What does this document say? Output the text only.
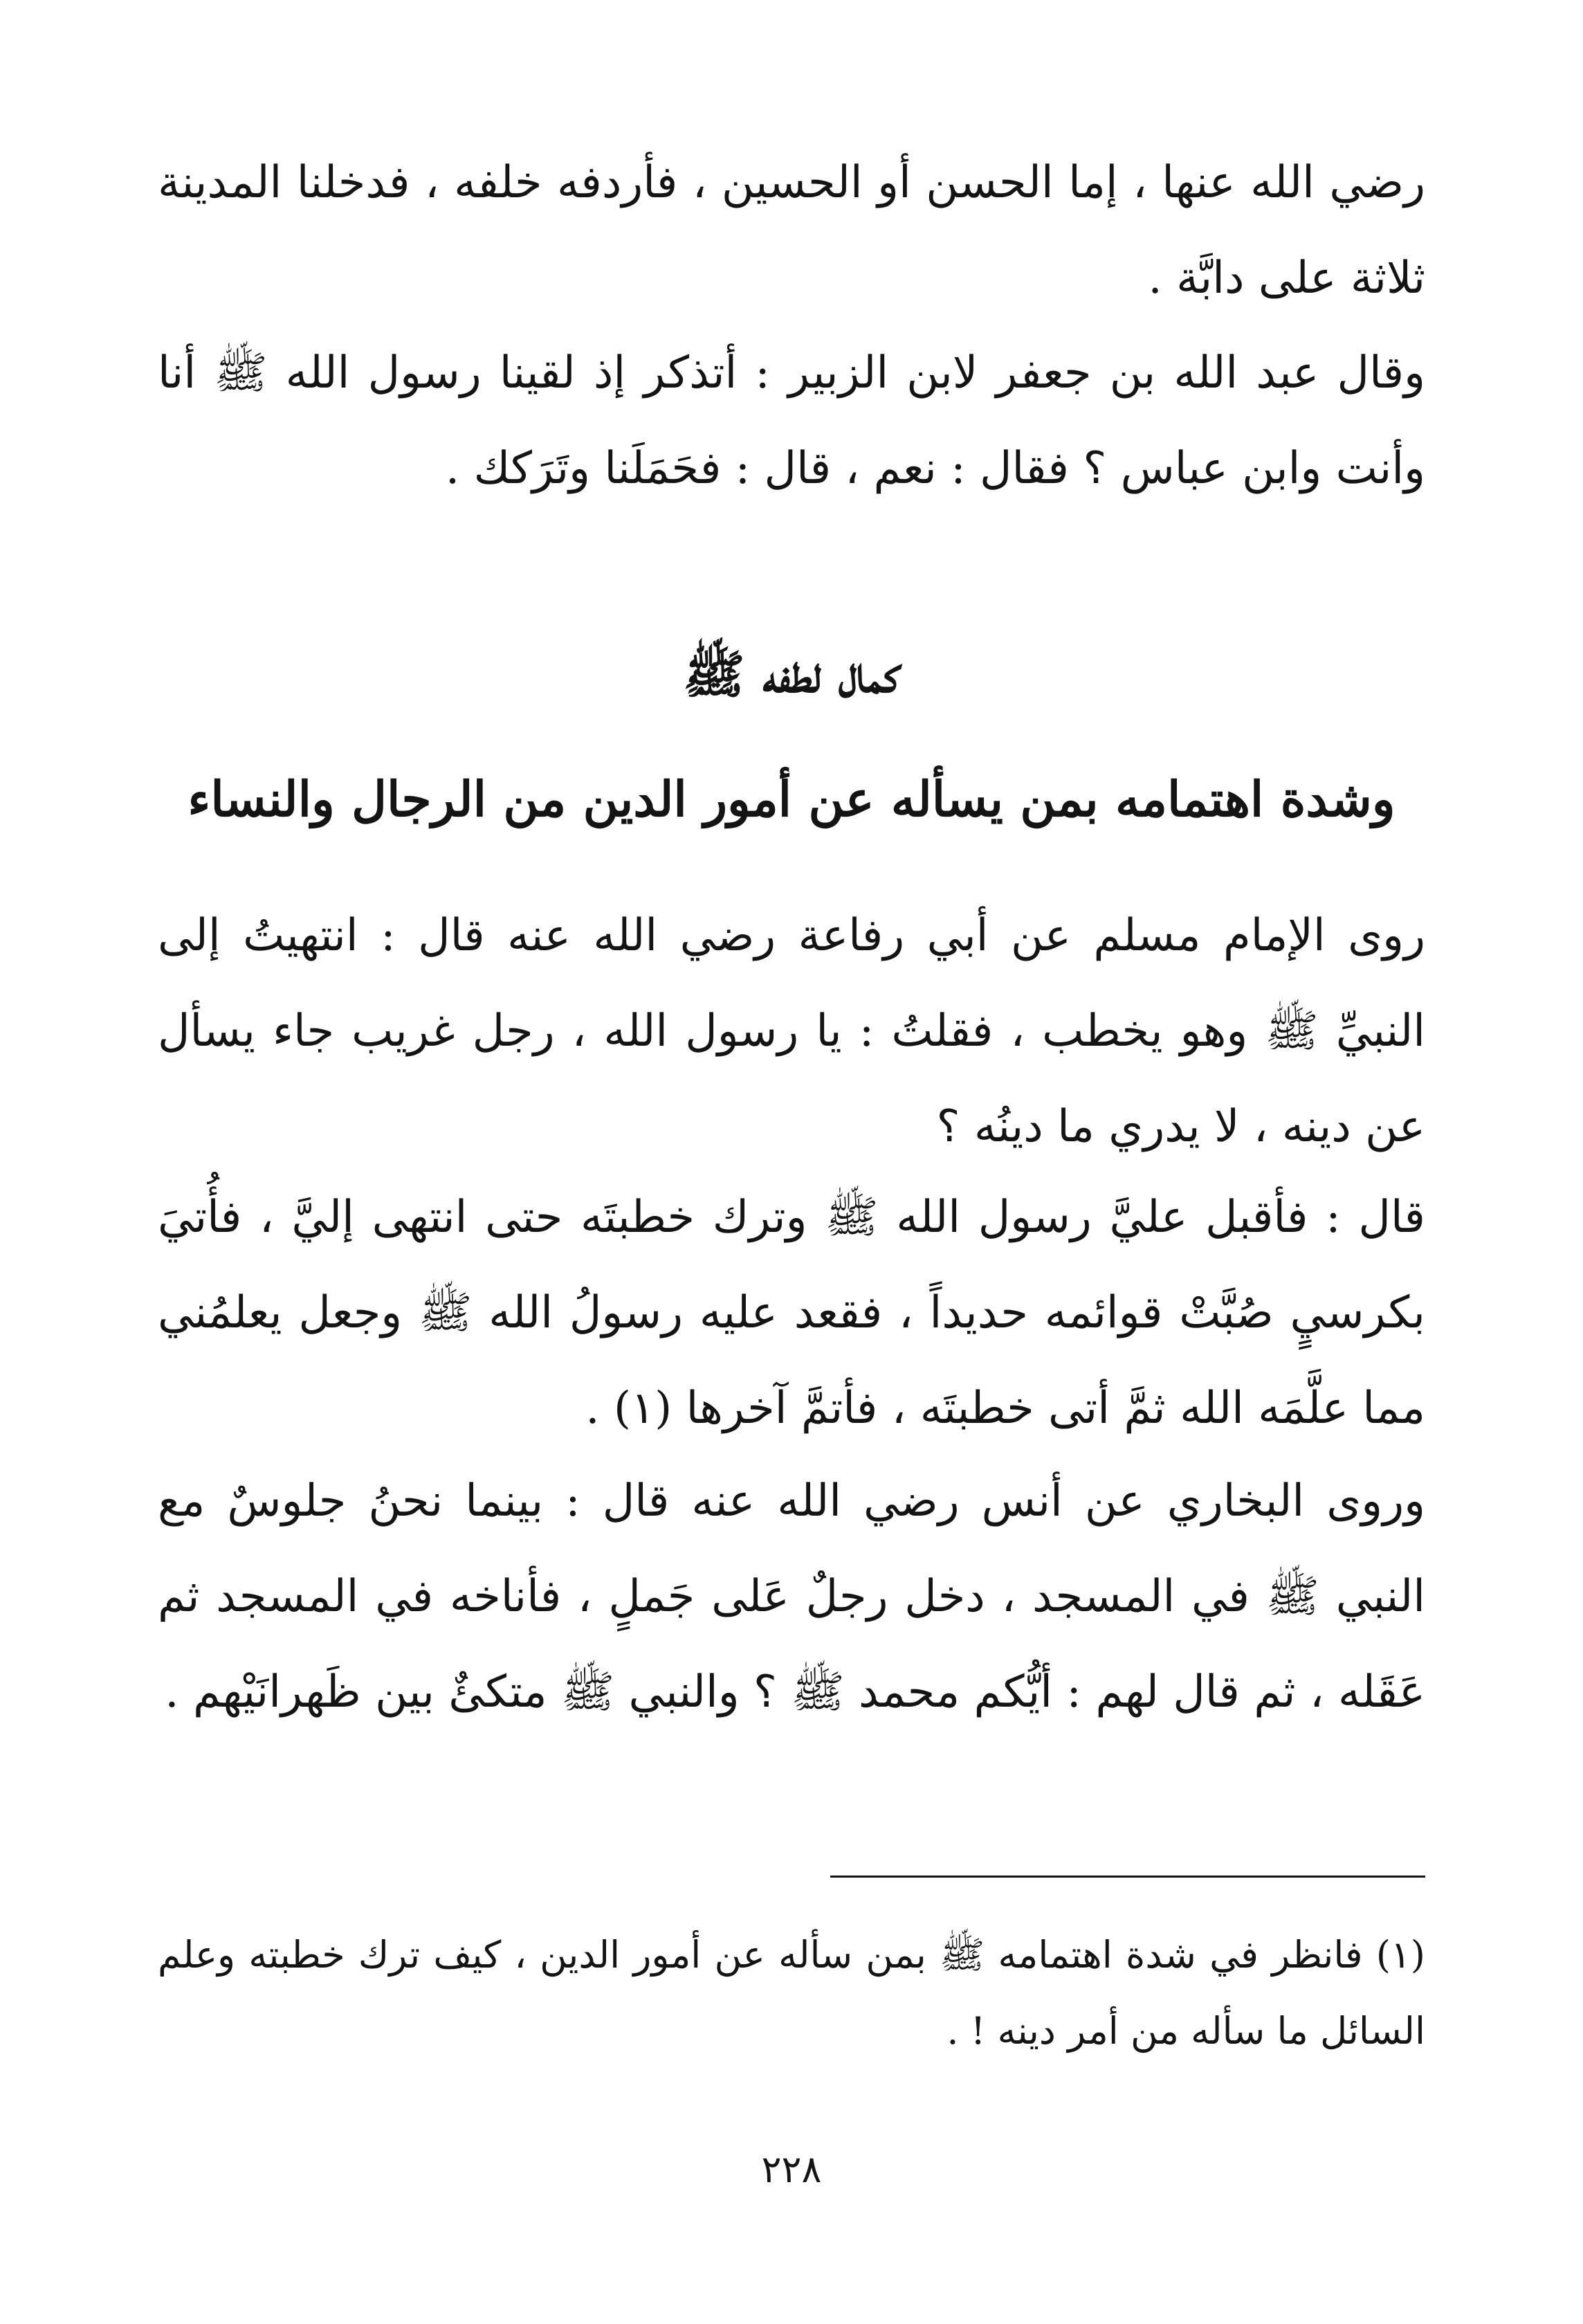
رضي الله عنها ، إما الحسن أو الحسين ، فأردفه خلفه ، فدخلنا المدينة ثلاثة على دابَّة .

وقال عبد الله بن جعفر لابن الزبير : أتذكر إذ لقينا رسول الله ﷺ أنا وأنت وابن عباس ؟ فقال : نعم ، قال : فحَمَلَنا وتَرَكك .

كمال لطفه ﷺ
وشدة اهتمامه بمن يسأله عن أمور الدين من الرجال والنساء

روى الإمام مسلم عن أبي رفاعة رضي الله عنه قال : انتهيتُ إلى النبيِّ ﷺ وهو يخطب ، فقلتُ : يا رسول الله ، رجل غريب جاء يسأل عن دينه ، لا يدري ما دينُه ؟

قال : فأقبل عليَّ رسول الله ﷺ وترك خطبتَه حتى انتهى إليَّ ، فأُتيَ بكرسيٍ صُبَّتْ قوائمه حديداً ، فقعد عليه رسولُ الله ﷺ وجعل يعلمُني مما علَّمَه الله ثمَّ أتى خطبتَه ، فأتمَّ آخرها (١) .

وروى البخاري عن أنس رضي الله عنه قال : بينما نحنُ جلوسٌ مع النبي ﷺ في المسجد ، دخل رجلٌ عَلى جَملٍ ، فأناخه في المسجد ثم عَقَله ، ثم قال لهم : أيُّكم محمد ﷺ ؟ والنبي ﷺ متكئٌ بين ظَهرانَيْهم .

(١) فانظر في شدة اهتمامه ﷺ بمن سأله عن أمور الدين ، كيف ترك خطبته وعلم السائل ما سأله من أمر دينه ! .

٢٢٨
